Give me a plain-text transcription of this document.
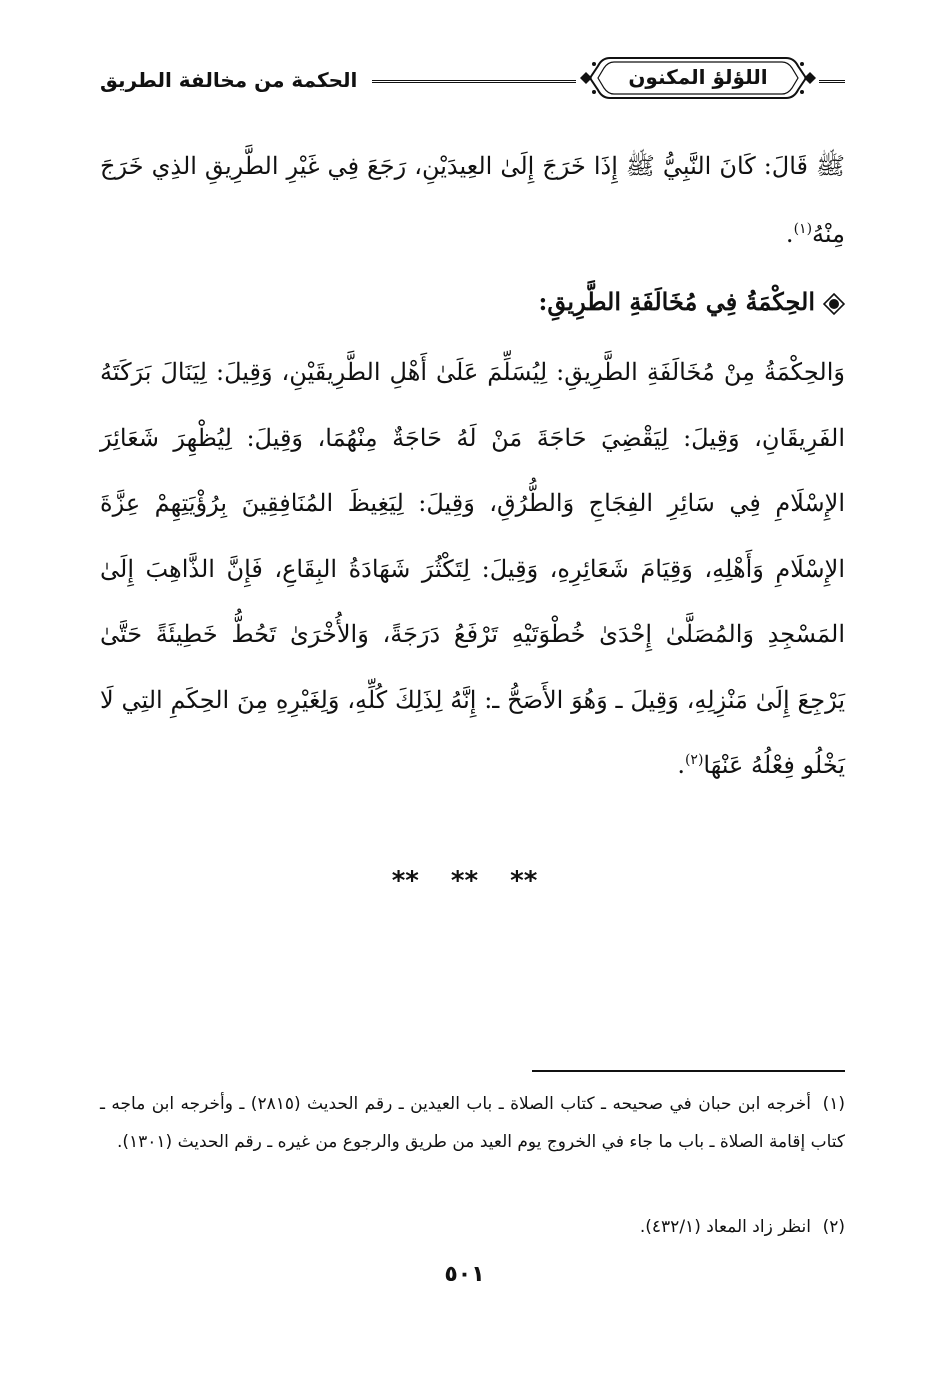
اللؤلؤ المكنون
الحكمة من مخالفة الطريق
ﷺ قَالَ: كَانَ النَّبِيُّ ﷺ إِذَا خَرَجَ إِلَىٰ العِيدَيْنِ، رَجَعَ فِي غَيْرِ الطَّرِيقِ الذِي خَرَجَ مِنْهُ$^{(١)}$.
الحِكْمَةُ فِي مُخَالَفَةِ الطَّرِيقِ:
وَالحِكْمَةُ مِنْ مُخَالَفَةِ الطَّرِيقِ: لِيُسَلِّمَ عَلَىٰ أَهْلِ الطَّرِيقَيْنِ، وَقِيلَ: لِيَنَالَ بَرَكَتَهُ الفَرِيقَانِ، وَقِيلَ: لِيَقْضِيَ حَاجَةَ مَنْ لَهُ حَاجَةٌ مِنْهُمَا، وَقِيلَ: لِيُظْهِرَ شَعَائِرَ الإِسْلَامِ فِي سَائِرِ الفِجَاجِ وَالطُّرُقِ، وَقِيلَ: لِيَغِيظَ المُنَافِقِينَ بِرُؤْيَتِهِمْ عِزَّةَ الإِسْلَامِ وَأَهْلِهِ، وَقِيَامَ شَعَائِرِهِ، وَقِيلَ: لِتَكْثُرَ شَهَادَةُ البِقَاعِ، فَإِنَّ الذَّاهِبَ إِلَىٰ المَسْجِدِ وَالمُصَلَّىٰ إِحْدَىٰ خُطْوَتَيْهِ تَرْفَعُ دَرَجَةً، وَالأُخْرَىٰ تَحُطُّ خَطِيئَةً حَتَّىٰ يَرْجِعَ إِلَىٰ مَنْزِلِهِ، وَقِيلَ ـ وَهُوَ الأَصَحُّ ـ: إِنَّهُ لِذَلِكَ كُلِّهِ، وَلِغَيْرِهِ مِنَ الحِكَمِ التِي لَا يَخْلُو فِعْلُهُ عَنْهَا$^{(٢)}$.
** ** **
(١)أخرجه ابن حبان في صحيحه ـ كتاب الصلاة ـ باب العيدين ـ رقم الحديث (٢٨١٥) ـ وأخرجه ابن ماجه ـ كتاب إقامة الصلاة ـ باب ما جاء في الخروج يوم العيد من طريق والرجوع من غيره ـ رقم الحديث (١٣٠١).
(٢)انظر زاد المعاد (٤٣٢/١).
٥٠١
